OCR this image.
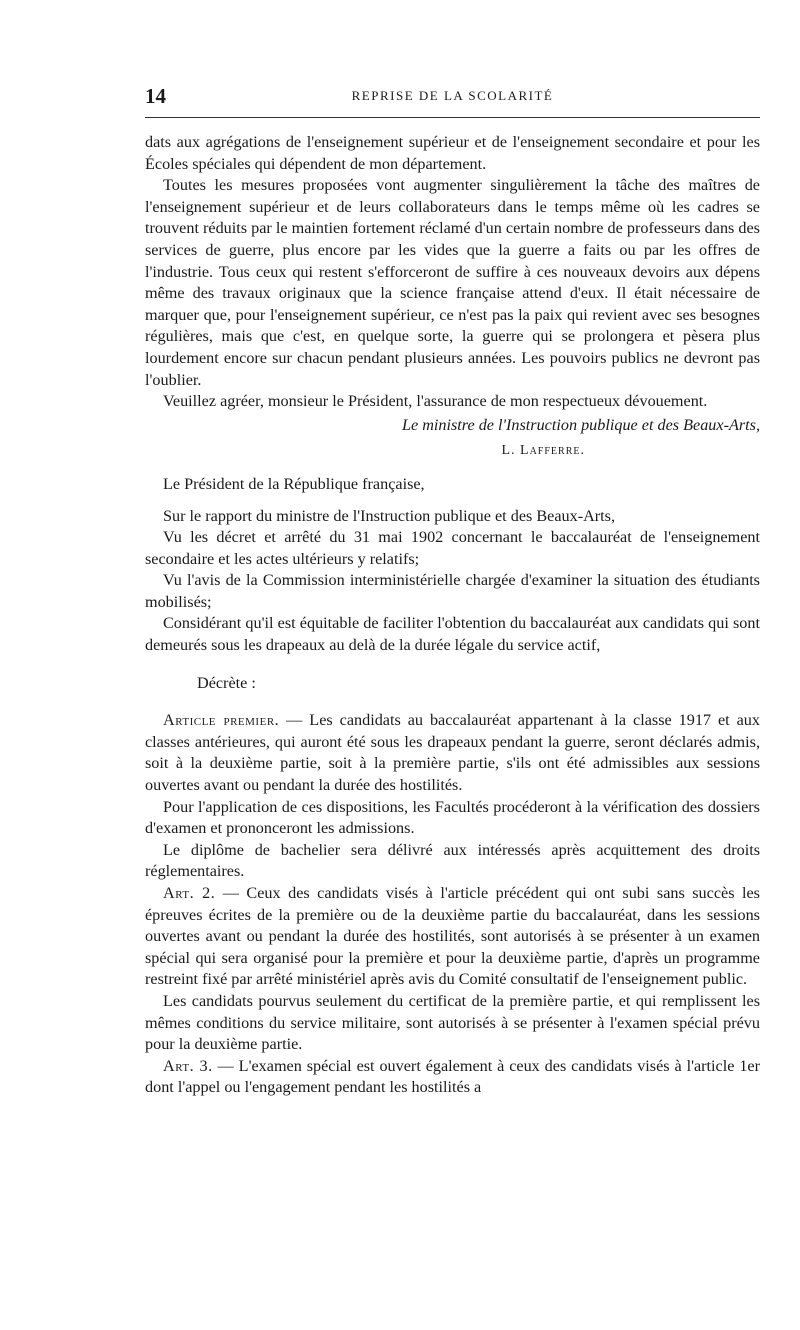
14	REPRISE DE LA SCOLARITÉ

dats aux agrégations de l'enseignement supérieur et de l'enseignement secondaire et pour les Écoles spéciales qui dépendent de mon département.

Toutes les mesures proposées vont augmenter singulièrement la tâche des maîtres de l'enseignement supérieur et de leurs collaborateurs dans le temps même où les cadres se trouvent réduits par le maintien fortement réclamé d'un certain nombre de professeurs dans des services de guerre, plus encore par les vides que la guerre a faits ou par les offres de l'industrie. Tous ceux qui restent s'efforceront de suffire à ces nouveaux devoirs aux dépens même des travaux originaux que la science française attend d'eux. Il était nécessaire de marquer que, pour l'enseignement supérieur, ce n'est pas la paix qui revient avec ses besognes régulières, mais que c'est, en quelque sorte, la guerre qui se prolongera et pèsera plus lourdement encore sur chacun pendant plusieurs années. Les pouvoirs publics ne devront pas l'oublier.

Veuillez agréer, monsieur le Président, l'assurance de mon respectueux dévouement.

Le ministre de l'Instruction publique et des Beaux-Arts,

L. Lafferre.

Le Président de la République française,

Sur le rapport du ministre de l'Instruction publique et des Beaux-Arts,

Vu les décret et arrêté du 31 mai 1902 concernant le baccalauréat de l'enseignement secondaire et les actes ultérieurs y relatifs;

Vu l'avis de la Commission interministérielle chargée d'examiner la situation des étudiants mobilisés;

Considérant qu'il est équitable de faciliter l'obtention du baccalauréat aux candidats qui sont demeurés sous les drapeaux au delà de la durée légale du service actif,

Décrète :

Article premier. — Les candidats au baccalauréat appartenant à la classe 1917 et aux classes antérieures, qui auront été sous les drapeaux pendant la guerre, seront déclarés admis, soit à la deuxième partie, soit à la première partie, s'ils ont été admissibles aux sessions ouvertes avant ou pendant la durée des hostilités.

Pour l'application de ces dispositions, les Facultés procéderont à la vérification des dossiers d'examen et prononceront les admissions.

Le diplôme de bachelier sera délivré aux intéressés après acquittement des droits réglementaires.

Art. 2. — Ceux des candidats visés à l'article précédent qui ont subi sans succès les épreuves écrites de la première ou de la deuxième partie du baccalauréat, dans les sessions ouvertes avant ou pendant la durée des hostilités, sont autorisés à se présenter à un examen spécial qui sera organisé pour la première et pour la deuxième partie, d'après un programme restreint fixé par arrêté ministériel après avis du Comité consultatif de l'enseignement public.

Les candidats pourvus seulement du certificat de la première partie, et qui remplissent les mêmes conditions du service militaire, sont autorisés à se présenter à l'examen spécial prévu pour la deuxième partie.

Art. 3. — L'examen spécial est ouvert également à ceux des candidats visés à l'article 1er dont l'appel ou l'engagement pendant les hostilités a
